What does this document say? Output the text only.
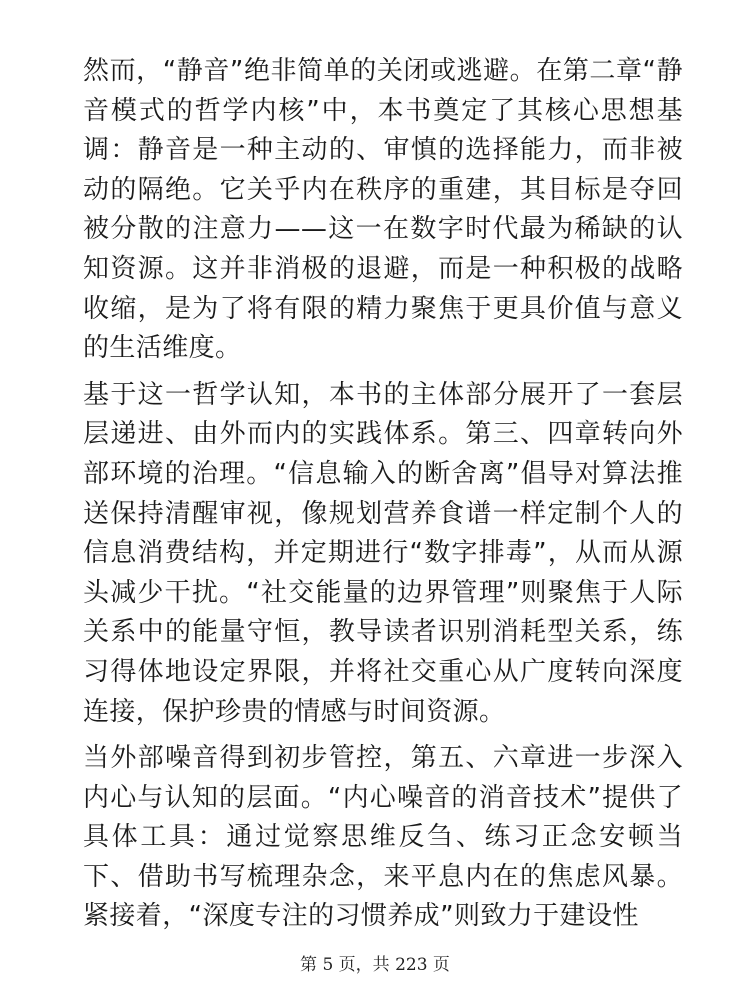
然而，“静音”绝非简单的关闭或逃避。在第二章“静音模式的哲学内核”中，本书奠定了其核心思想基调：静音是一种主动的、审慎的选择能力，而非被动的隔绝。它关乎内在秩序的重建，其目标是夺回被分散的注意力——这一在数字时代最为稀缺的认知资源。这并非消极的退避，而是一种积极的战略收缩，是为了将有限的精力聚焦于更具价值与意义的生活维度。

基于这一哲学认知，本书的主体部分展开了一套层层递进、由外而内的实践体系。第三、四章转向外部环境的治理。“信息输入的断舍离”倡导对算法推送保持清醒审视，像规划营养食谱一样定制个人的信息消费结构，并定期进行“数字排毒”，从而从源头减少干扰。“社交能量的边界管理”则聚焦于人际关系中的能量守恒，教导读者识别消耗型关系，练习得体地设定界限，并将社交重心从广度转向深度连接，保护珍贵的情感与时间资源。

当外部噪音得到初步管控，第五、六章进一步深入内心与认知的层面。“内心噪音的消音技术”提供了具体工具：通过觉察思维反刍、练习正念安顿当下、借助书写梳理杂念，来平息内在的焦虑风暴。紧接着，“深度专注的习惯养成”则致力于建设性

第 5 页，共 223 页
